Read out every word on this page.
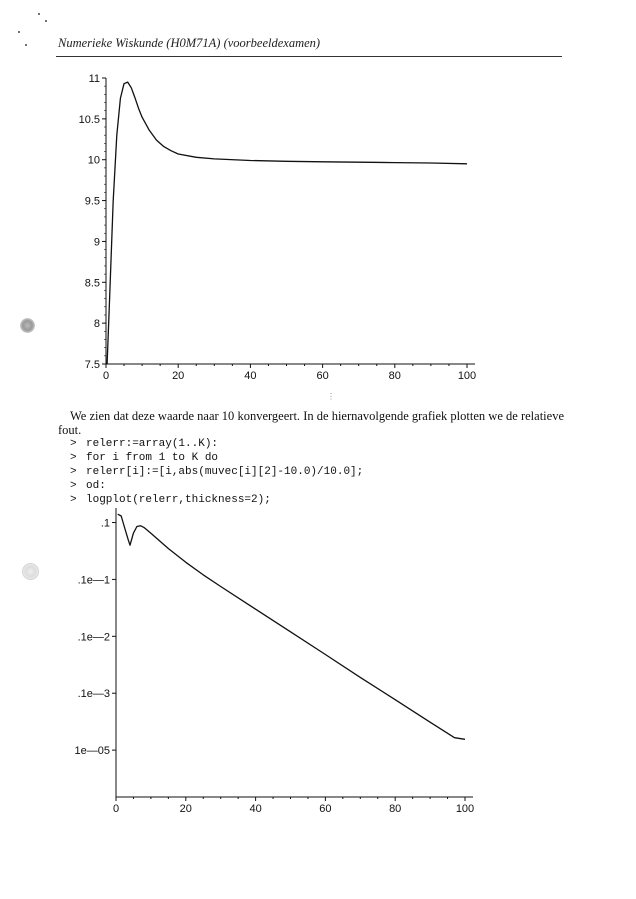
Numerieke Wiskunde (H0M71A) (voorbeeldexamen)
0	20	40	60	80	100
7.5
8
8.5
9
9.5
10
10.5
11
⋮
We zien dat deze waarde naar 10 konvergeert. In de hiernavolgende grafiek plotten we de relatieve fout.
> relerr:=array(1..K):
> for i from 1 to K do
> relerr[i]:=[i,abs(muvec[i][2]-10.0)/10.0];
> od:
> logplot(relerr,thickness=2);
0	20	40	60	80	100
.1
.1e—1
.1e—2
.1e—3
1e—05
